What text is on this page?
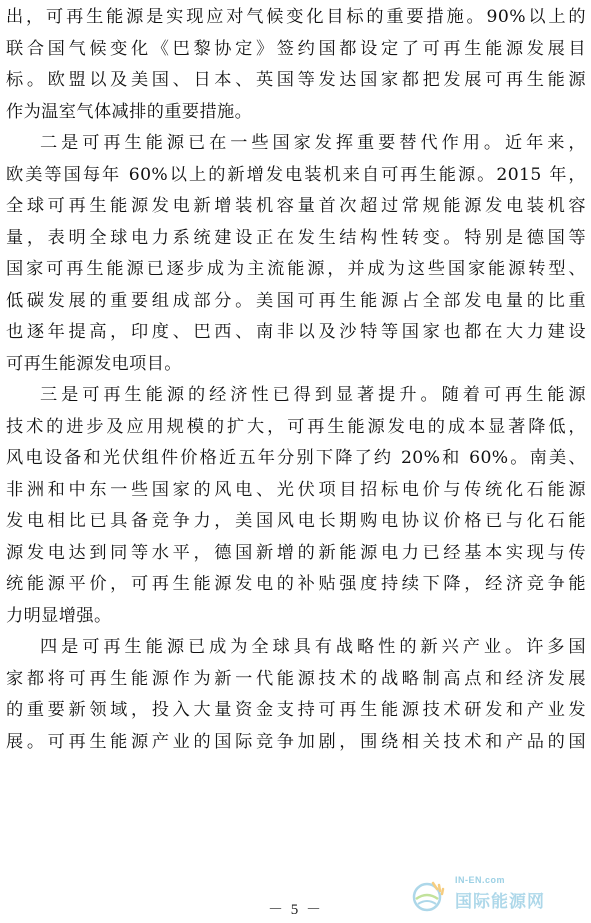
出，可再生能源是实现应对气候变化目标的重要措施。90%以上的
联合国气候变化《巴黎协定》签约国都设定了可再生能源发展目
标。欧盟以及美国、日本、英国等发达国家都把发展可再生能源
作为温室气体减排的重要措施。
二是可再生能源已在一些国家发挥重要替代作用。近年来，
欧美等国每年 60%以上的新增发电装机来自可再生能源。2015 年，
全球可再生能源发电新增装机容量首次超过常规能源发电装机容
量，表明全球电力系统建设正在发生结构性转变。特别是德国等
国家可再生能源已逐步成为主流能源，并成为这些国家能源转型、
低碳发展的重要组成部分。美国可再生能源占全部发电量的比重
也逐年提高，印度、巴西、南非以及沙特等国家也都在大力建设
可再生能源发电项目。
三是可再生能源的经济性已得到显著提升。随着可再生能源
技术的进步及应用规模的扩大，可再生能源发电的成本显著降低，
风电设备和光伏组件价格近五年分别下降了约 20%和 60%。南美、
非洲和中东一些国家的风电、光伏项目招标电价与传统化石能源
发电相比已具备竞争力，美国风电长期购电协议价格已与化石能
源发电达到同等水平，德国新增的新能源电力已经基本实现与传
统能源平价，可再生能源发电的补贴强度持续下降，经济竞争能
力明显增强。
四是可再生能源已成为全球具有战略性的新兴产业。许多国
家都将可再生能源作为新一代能源技术的战略制高点和经济发展
的重要新领域，投入大量资金支持可再生能源技术研发和产业发
展。可再生能源产业的国际竞争加剧，围绕相关技术和产品的国
－ 5 －
IN-EN.com
国际能源网
